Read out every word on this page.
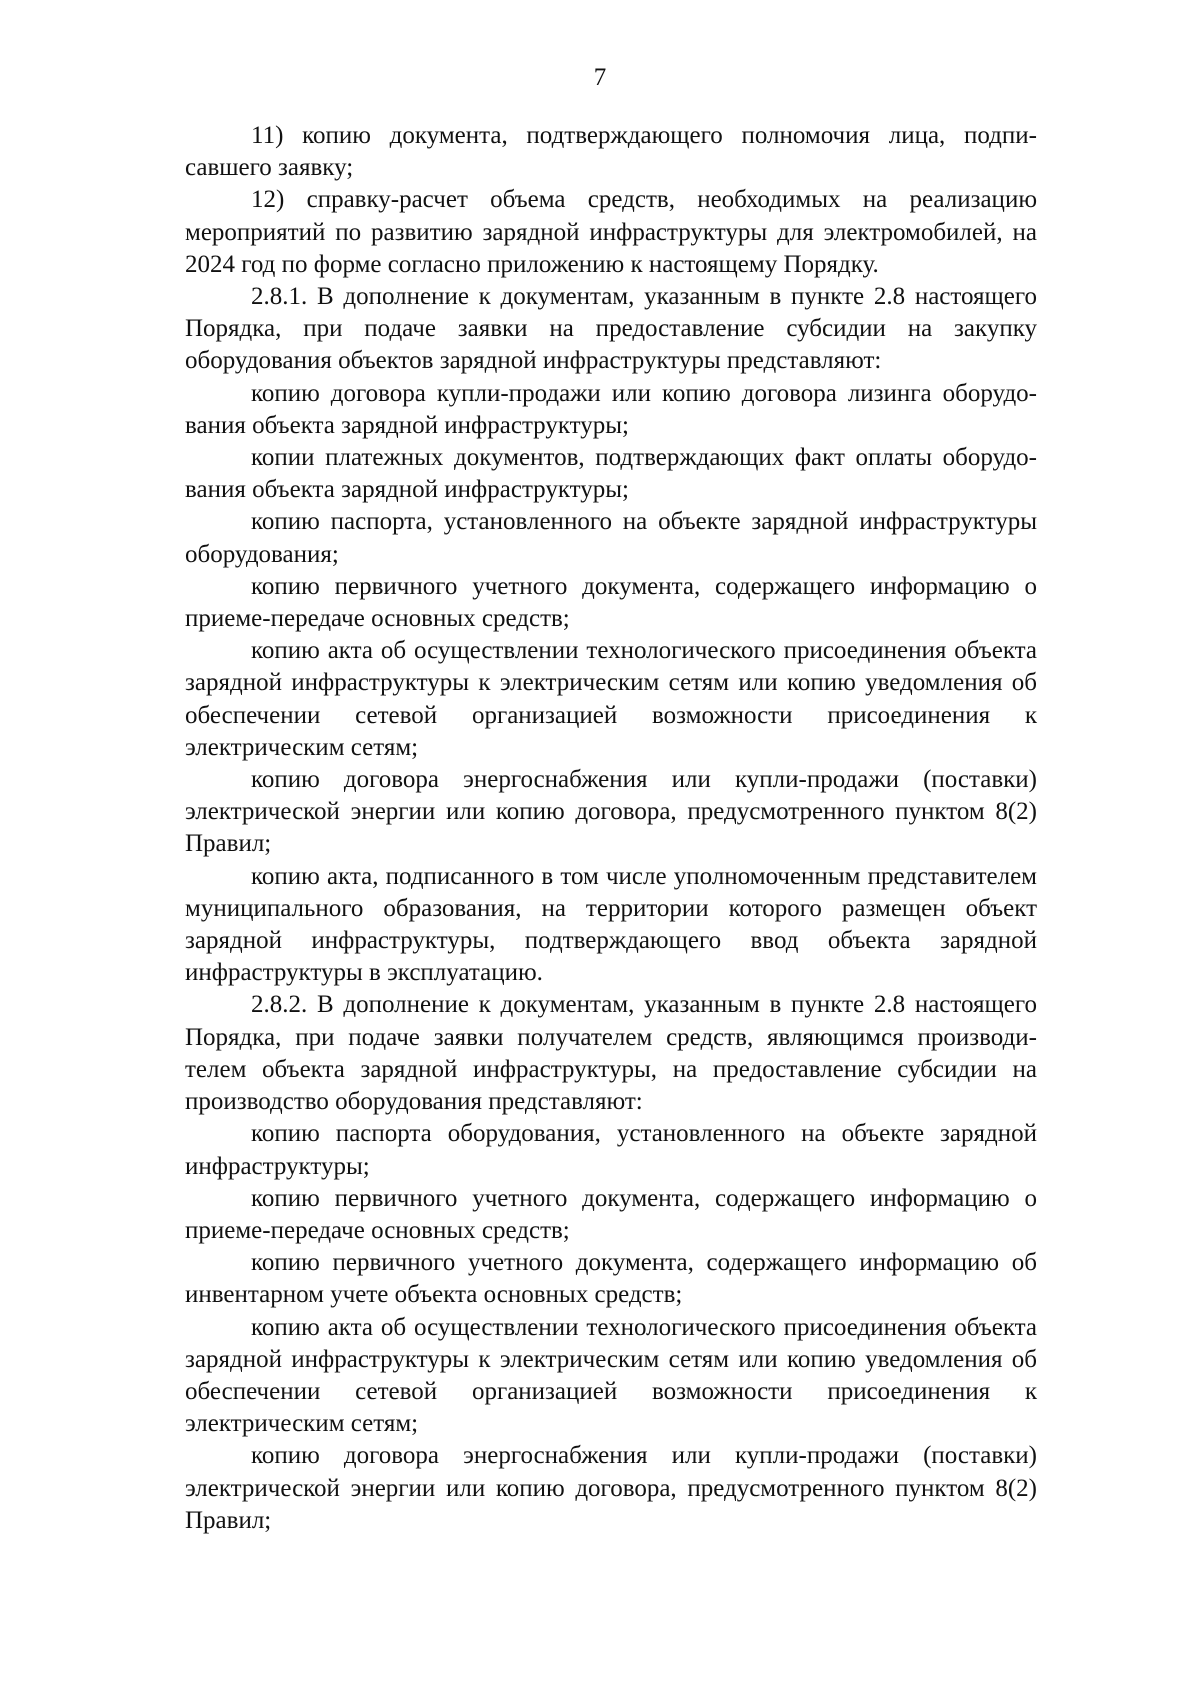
7

11) копию документа, подтверждающего полномочия лица, подписавшего заявку;

12) справку-расчет объема средств, необходимых на реализацию мероприятий по развитию зарядной инфраструктуры для электромобилей, на 2024 год по форме согласно приложению к настоящему Порядку.

2.8.1. В дополнение к документам, указанным в пункте 2.8 настоящего Порядка, при подаче заявки на предоставление субсидии на закупку оборудования объектов зарядной инфраструктуры представляют:

копию договора купли-продажи или копию договора лизинга оборудования объекта зарядной инфраструктуры;

копии платежных документов, подтверждающих факт оплаты оборудования объекта зарядной инфраструктуры;

копию паспорта, установленного на объекте зарядной инфраструктуры оборудования;

копию первичного учетного документа, содержащего информацию о приеме-передаче основных средств;

копию акта об осуществлении технологического присоединения объекта зарядной инфраструктуры к электрическим сетям или копию уведомления об обеспечении сетевой организацией возможности присоединения к электрическим сетям;

копию договора энергоснабжения или купли-продажи (поставки) электрической энергии или копию договора, предусмотренного пунктом 8(2) Правил;

копию акта, подписанного в том числе уполномоченным представителем муниципального образования, на территории которого размещен объект зарядной инфраструктуры, подтверждающего ввод объекта зарядной инфраструктуры в эксплуатацию.

2.8.2. В дополнение к документам, указанным в пункте 2.8 настоящего Порядка, при подаче заявки получателем средств, являющимся производителем объекта зарядной инфраструктуры, на предоставление субсидии на производство оборудования представляют:

копию паспорта оборудования, установленного на объекте зарядной инфраструктуры;

копию первичного учетного документа, содержащего информацию о приеме-передаче основных средств;

копию первичного учетного документа, содержащего информацию об инвентарном учете объекта основных средств;

копию акта об осуществлении технологического присоединения объекта зарядной инфраструктуры к электрическим сетям или копию уведомления об обеспечении сетевой организацией возможности присоединения к электрическим сетям;

копию договора энергоснабжения или купли-продажи (поставки) электрической энергии или копию договора, предусмотренного пунктом 8(2) Правил;
